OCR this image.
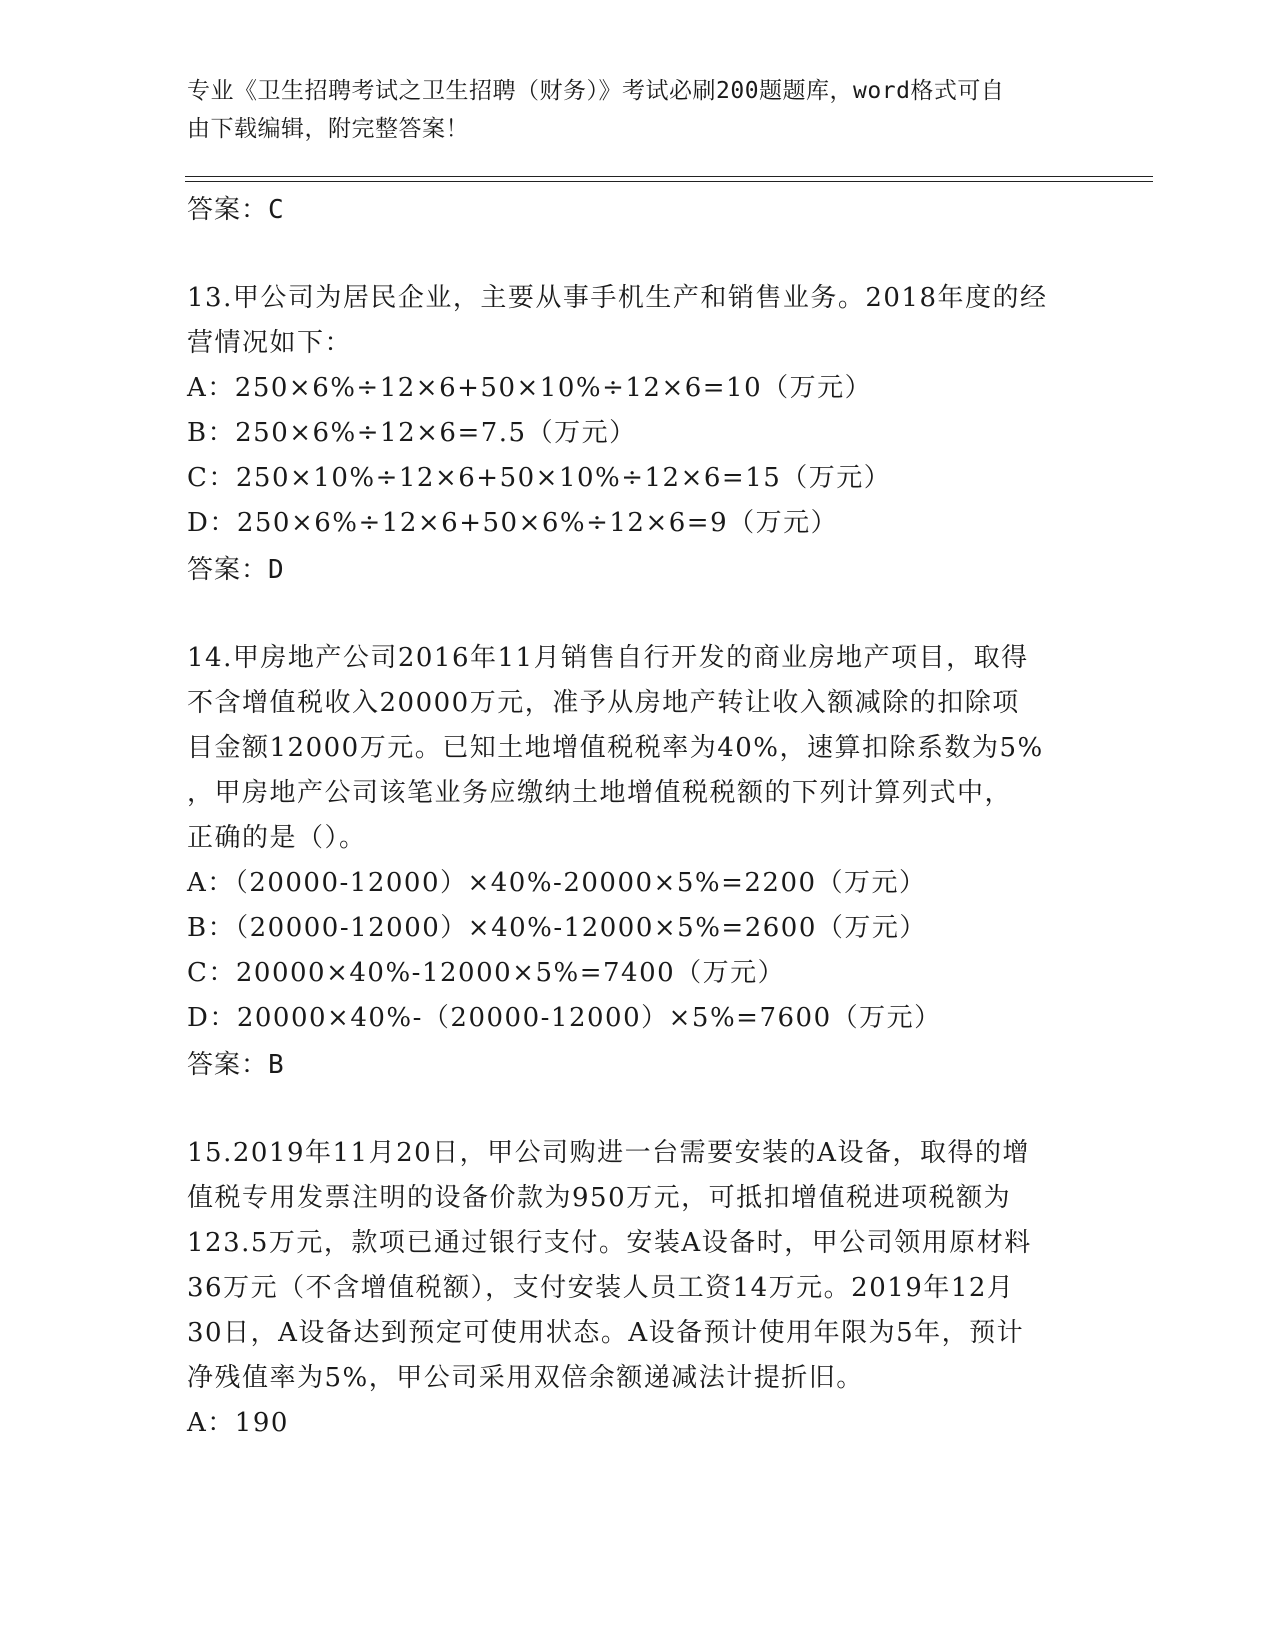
专业《卫生招聘考试之卫生招聘（财务）》考试必刷200题题库，word格式可自
由下载编辑，附完整答案！
答案：C
13.甲公司为居民企业，主要从事手机生产和销售业务。2018年度的经
营情况如下：
A：250×6%÷12×6+50×10%÷12×6=10（万元）
B：250×6%÷12×6=7.5（万元）
C：250×10%÷12×6+50×10%÷12×6=15（万元）
D：250×6%÷12×6+50×6%÷12×6=9（万元）
答案：D
14.甲房地产公司2016年11月销售自行开发的商业房地产项目，取得
不含增值税收入20000万元，准予从房地产转让收入额减除的扣除项
目金额12000万元。已知土地增值税税率为40%，速算扣除系数为5%
，甲房地产公司该笔业务应缴纳土地增值税税额的下列计算列式中，
正确的是（）。
A：（20000-12000）×40%-20000×5%=2200（万元）
B：（20000-12000）×40%-12000×5%=2600（万元）
C：20000×40%-12000×5%=7400（万元）
D：20000×40%-（20000-12000）×5%=7600（万元）
答案：B
15.2019年11月20日，甲公司购进一台需要安装的A设备，取得的增
值税专用发票注明的设备价款为950万元，可抵扣增值税进项税额为
123.5万元，款项已通过银行支付。安装A设备时，甲公司领用原材料
36万元（不含增值税额），支付安装人员工资14万元。2019年12月
30日，A设备达到预定可使用状态。A设备预计使用年限为5年，预计
净残值率为5%，甲公司采用双倍余额递减法计提折旧。
A：190
